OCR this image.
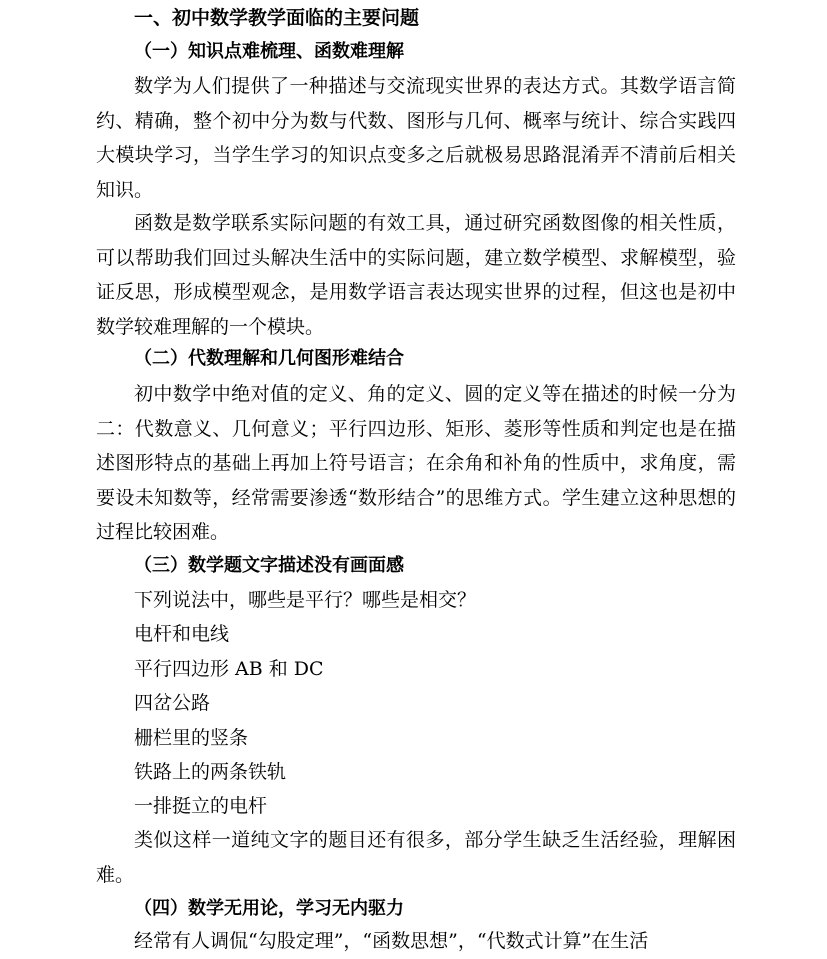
一、初中数学教学面临的主要问题
（一）知识点难梳理、函数难理解

数学为人们提供了一种描述与交流现实世界的表达方式。其数学语言简约、精确，整个初中分为数与代数、图形与几何、概率与统计、综合实践四大模块学习，当学生学习的知识点变多之后就极易思路混淆弄不清前后相关知识。

函数是数学联系实际问题的有效工具，通过研究函数图像的相关性质，可以帮助我们回过头解决生活中的实际问题，建立数学模型、求解模型，验证反思，形成模型观念，是用数学语言表达现实世界的过程，但这也是初中数学较难理解的一个模块。

（二）代数理解和几何图形难结合

初中数学中绝对值的定义、角的定义、圆的定义等在描述的时候一分为二：代数意义、几何意义；平行四边形、矩形、菱形等性质和判定也是在描述图形特点的基础上再加上符号语言；在余角和补角的性质中，求角度，需要设未知数等，经常需要渗透“数形结合”的思维方式。学生建立这种思想的过程比较困难。

（三）数学题文字描述没有画面感
下列说法中，哪些是平行？哪些是相交？
电杆和电线
平行四边形 AB 和 DC
四岔公路
栅栏里的竖条
铁路上的两条铁轨
一排挺立的电杆

类似这样一道纯文字的题目还有很多，部分学生缺乏生活经验，理解困难。

（四）数学无用论，学习无内驱力

经常有人调侃“勾股定理”，“函数思想”，“代数式计算”在生活
